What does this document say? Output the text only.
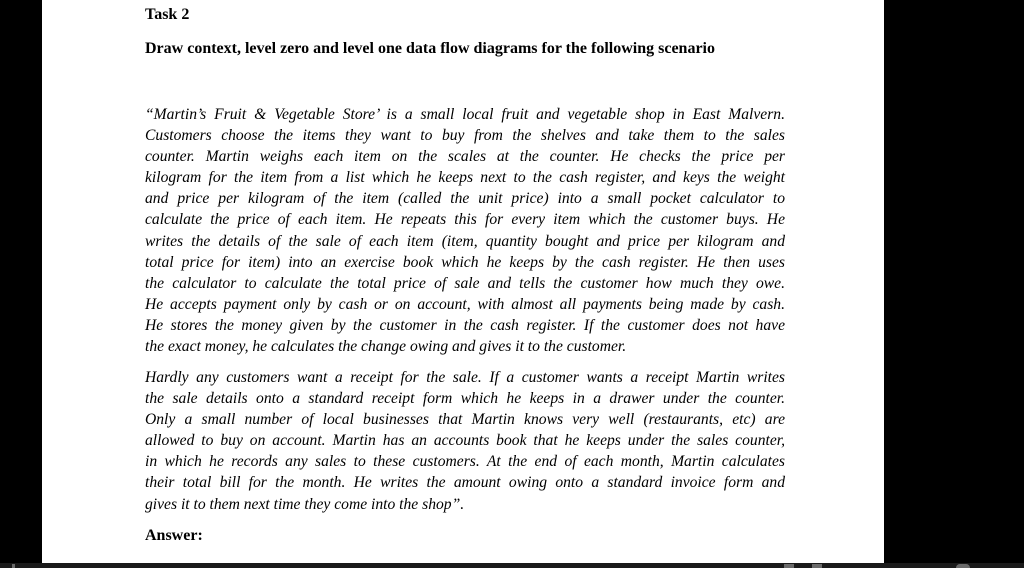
Task 2
Draw context, level zero and level one data flow diagrams for the following scenario
“Martin’s Fruit & Vegetable Store’ is a small local fruit and vegetable shop in East Malvern.
Customers choose the items they want to buy from the shelves and take them to the sales
counter. Martin weighs each item on the scales at the counter. He checks the price per
kilogram for the item from a list which he keeps next to the cash register, and keys the weight
and price per kilogram of the item (called the unit price) into a small pocket calculator to
calculate the price of each item. He repeats this for every item which the customer buys. He
writes the details of the sale of each item (item, quantity bought and price per kilogram and
total price for item) into an exercise book which he keeps by the cash register. He then uses
the calculator to calculate the total price of sale and tells the customer how much they owe.
He accepts payment only by cash or on account, with almost all payments being made by cash.
He stores the money given by the customer in the cash register. If the customer does not have
the exact money, he calculates the change owing and gives it to the customer.
Hardly any customers want a receipt for the sale. If a customer wants a receipt Martin writes
the sale details onto a standard receipt form which he keeps in a drawer under the counter.
Only a small number of local businesses that Martin knows very well (restaurants, etc) are
allowed to buy on account. Martin has an accounts book that he keeps under the sales counter,
in which he records any sales to these customers. At the end of each month, Martin calculates
their total bill for the month. He writes the amount owing onto a standard invoice form and
gives it to them next time they come into the shop”.
Answer:
